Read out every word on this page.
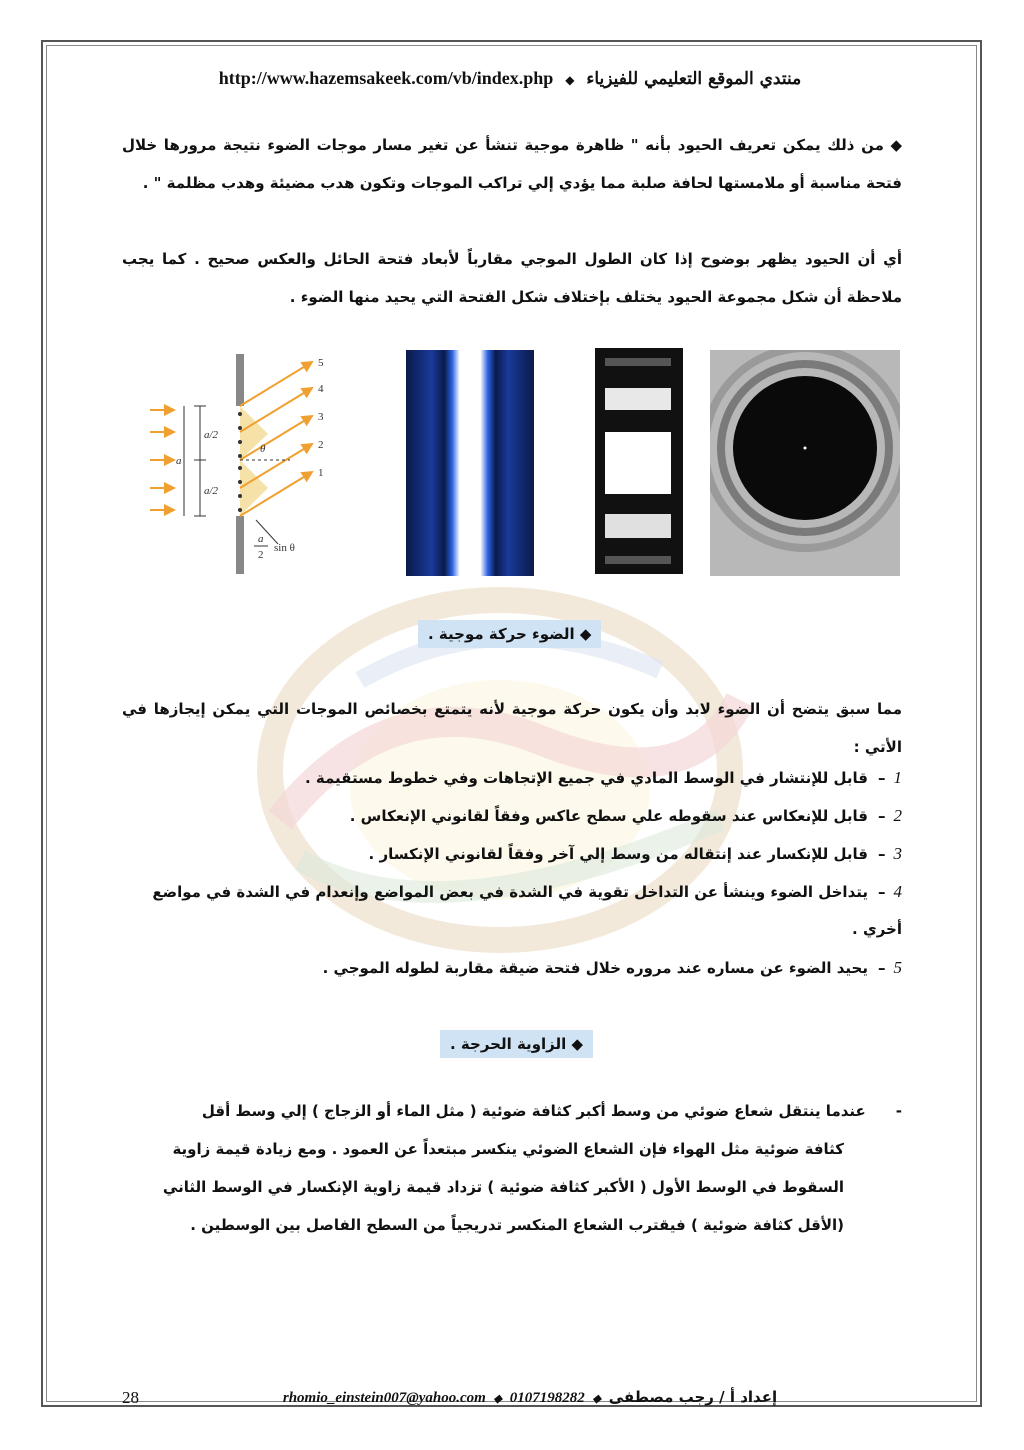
http://www.hazemsakeek.com/vb/index.php ◆ منتدي الموقع التعليمي للفيزياء
◆ من ذلك يمكن تعريف الحيود بأنه " ظاهرة موجية تنشأ عن تغير مسار موجات الضوء نتيجة مرورها خلال فتحة مناسبة أو ملامستها لحافة صلبة مما يؤدي إلي تراكب الموجات وتكون هدب مضيئة وهدب مظلمة " .
أي أن الحيود يظهر بوضوح إذا كان الطول الموجي مقارباً لأبعاد فتحة الحائل والعكس صحيح . كما يجب ملاحظة أن شكل مجموعة الحيود يختلف بإختلاف شكل الفتحة التي يحيد منها الضوء .
5
4
3
2
1
a/2
a/2
a
θ
a
2
sin θ
◆ الضوء حركة موجية .
مما سبق يتضح أن الضوء لابد وأن يكون حركة موجية لأنه يتمتع بخصائص الموجات التي يمكن إيجازها في الأتي :
1–قابل للإنتشار في الوسط المادي في جميع الإتجاهات وفي خطوط مستقيمة .
2–قابل للإنعكاس عند سقوطه علي سطح عاكس وفقاً لقانوني الإنعكاس .
3–قابل للإنكسار عند إنتقاله من وسط إلي آخر وفقاً لقانوني الإنكسار .
4–يتداخل الضوء وينشأ عن التداخل تقوية في الشدة في بعض المواضع وإنعدام في الشدة في مواضع
أخري .
5–يحيد الضوء عن مساره عند مروره خلال فتحة ضيقة مقاربة لطوله الموجي .
◆ الزاوية الحرجة .
-عندما ينتقل شعاع ضوئي من وسط أكبر كثافة ضوئية ( مثل الماء أو الزجاج ) إلي وسط أقل
كثافة ضوئية مثل الهواء فإن الشعاع الضوئي ينكسر مبتعداً عن العمود . ومع زيادة قيمة زاوية
السقوط في الوسط الأول ( الأكبر كثافة ضوئية ) تزداد قيمة زاوية الإنكسار في الوسط الثاني
(الأقل كثافة ضوئية ) فيقترب الشعاع المنكسر تدريجياً من السطح الفاصل بين الوسطين .
28	rhomio_einstein007@yahoo.com ◆ 0107198282 ◆ إعداد أ / رجب مصطفى
